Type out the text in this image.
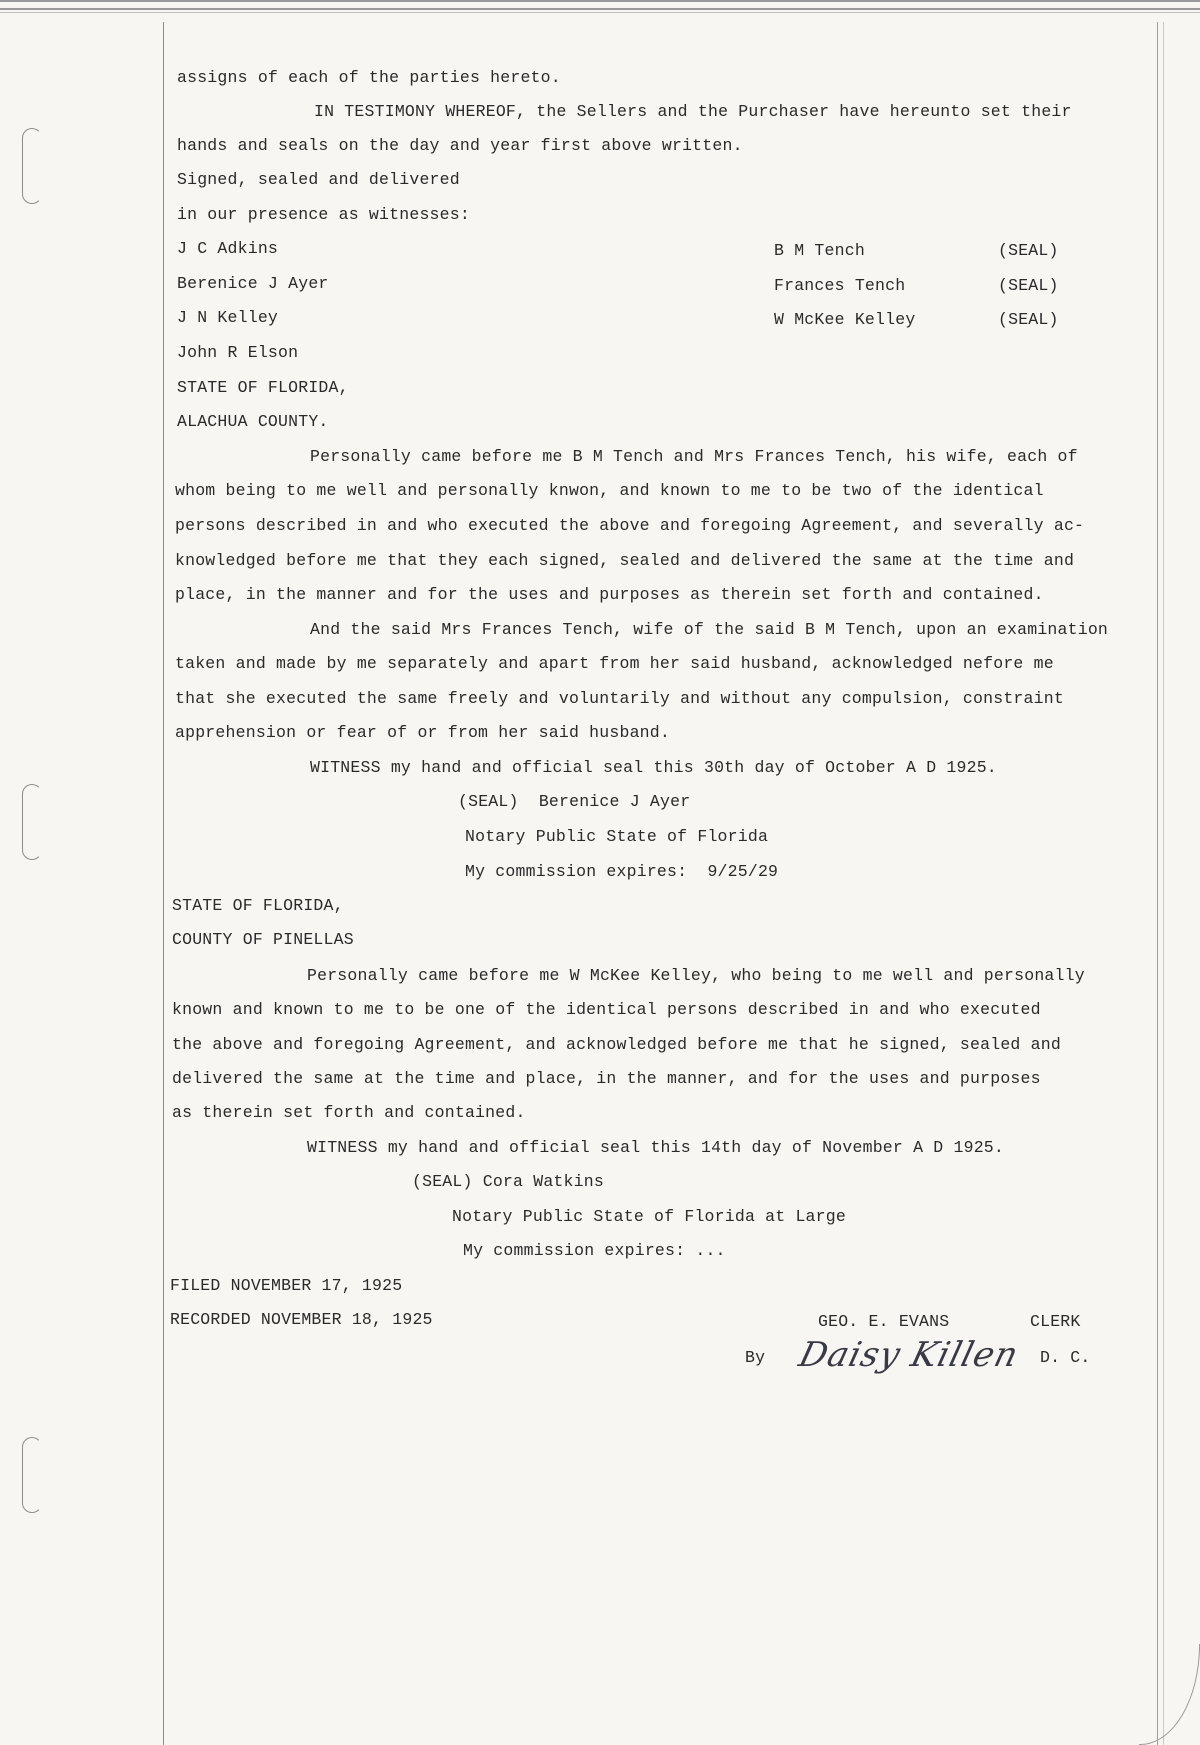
assigns of each of the parties hereto.
IN TESTIMONY WHEREOF, the Sellers and the Purchaser have hereunto set their
hands and seals on the day and year first above written.
Signed, sealed and delivered
in our presence as witnesses:
J C Adkins
Berenice J Ayer
J N Kelley
John R Elson
B M Tench	(SEAL)
Frances Tench	(SEAL)
W McKee Kelley	(SEAL)
STATE OF FLORIDA,
ALACHUA COUNTY.
Personally came before me B M Tench and Mrs Frances Tench, his wife, each of
whom being to me well and personally knwon, and known to me to be two of the identical
persons described in and who executed the above and foregoing Agreement, and severally ac-
knowledged before me that they each signed, sealed and delivered the same at the time and
place, in the manner and for the uses and purposes as therein set forth and contained.
And the said Mrs Frances Tench, wife of the said B M Tench, upon an examination
taken and made by me separately and apart from her said husband, acknowledged nefore me
that she executed the same freely and voluntarily and without any compulsion, constraint
apprehension or fear of or from her said husband.
WITNESS my hand and official seal this 30th day of October A D 1925.
(SEAL)  Berenice J Ayer
Notary Public State of Florida
My commission expires:  9/25/29
STATE OF FLORIDA,
COUNTY OF PINELLAS
Personally came before me W McKee Kelley, who being to me well and personally
known and known to me to be one of the identical persons described in and who executed
the above and foregoing Agreement, and acknowledged before me that he signed, sealed and
delivered the same at the time and place, in the manner, and for the uses and purposes
as therein set forth and contained.
WITNESS my hand and official seal this 14th day of November A D 1925.
(SEAL) Cora Watkins
Notary Public State of Florida at Large
My commission expires: ...
FILED NOVEMBER 17, 1925
RECORDED NOVEMBER 18, 1925	GEO. E. EVANS	CLERK
By Daisy Killen D. C.
